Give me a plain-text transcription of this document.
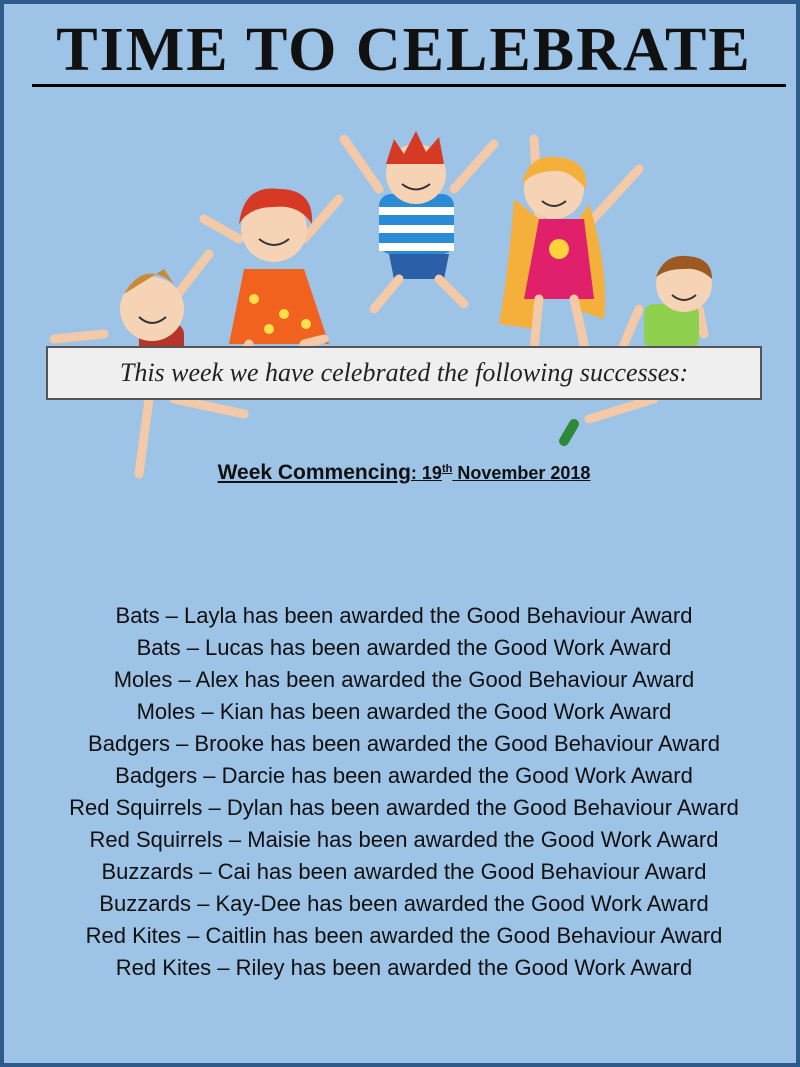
TIME TO CELEBRATE
This week we have celebrated the following successes:
Week Commencing: 19th November 2018
Bats – Layla has been awarded the Good Behaviour Award
Bats – Lucas has been awarded the Good Work Award
Moles – Alex has been awarded the Good Behaviour Award
Moles – Kian has been awarded the Good Work Award
Badgers – Brooke has been awarded the Good Behaviour Award
Badgers – Darcie has been awarded the Good Work Award
Red Squirrels – Dylan has been awarded the Good Behaviour Award
Red Squirrels – Maisie has been awarded the Good Work Award
Buzzards – Cai has been awarded the Good Behaviour Award
Buzzards – Kay-Dee has been awarded the Good Work Award
Red Kites – Caitlin has been awarded the Good Behaviour Award
Red Kites – Riley has been awarded the Good Work Award
